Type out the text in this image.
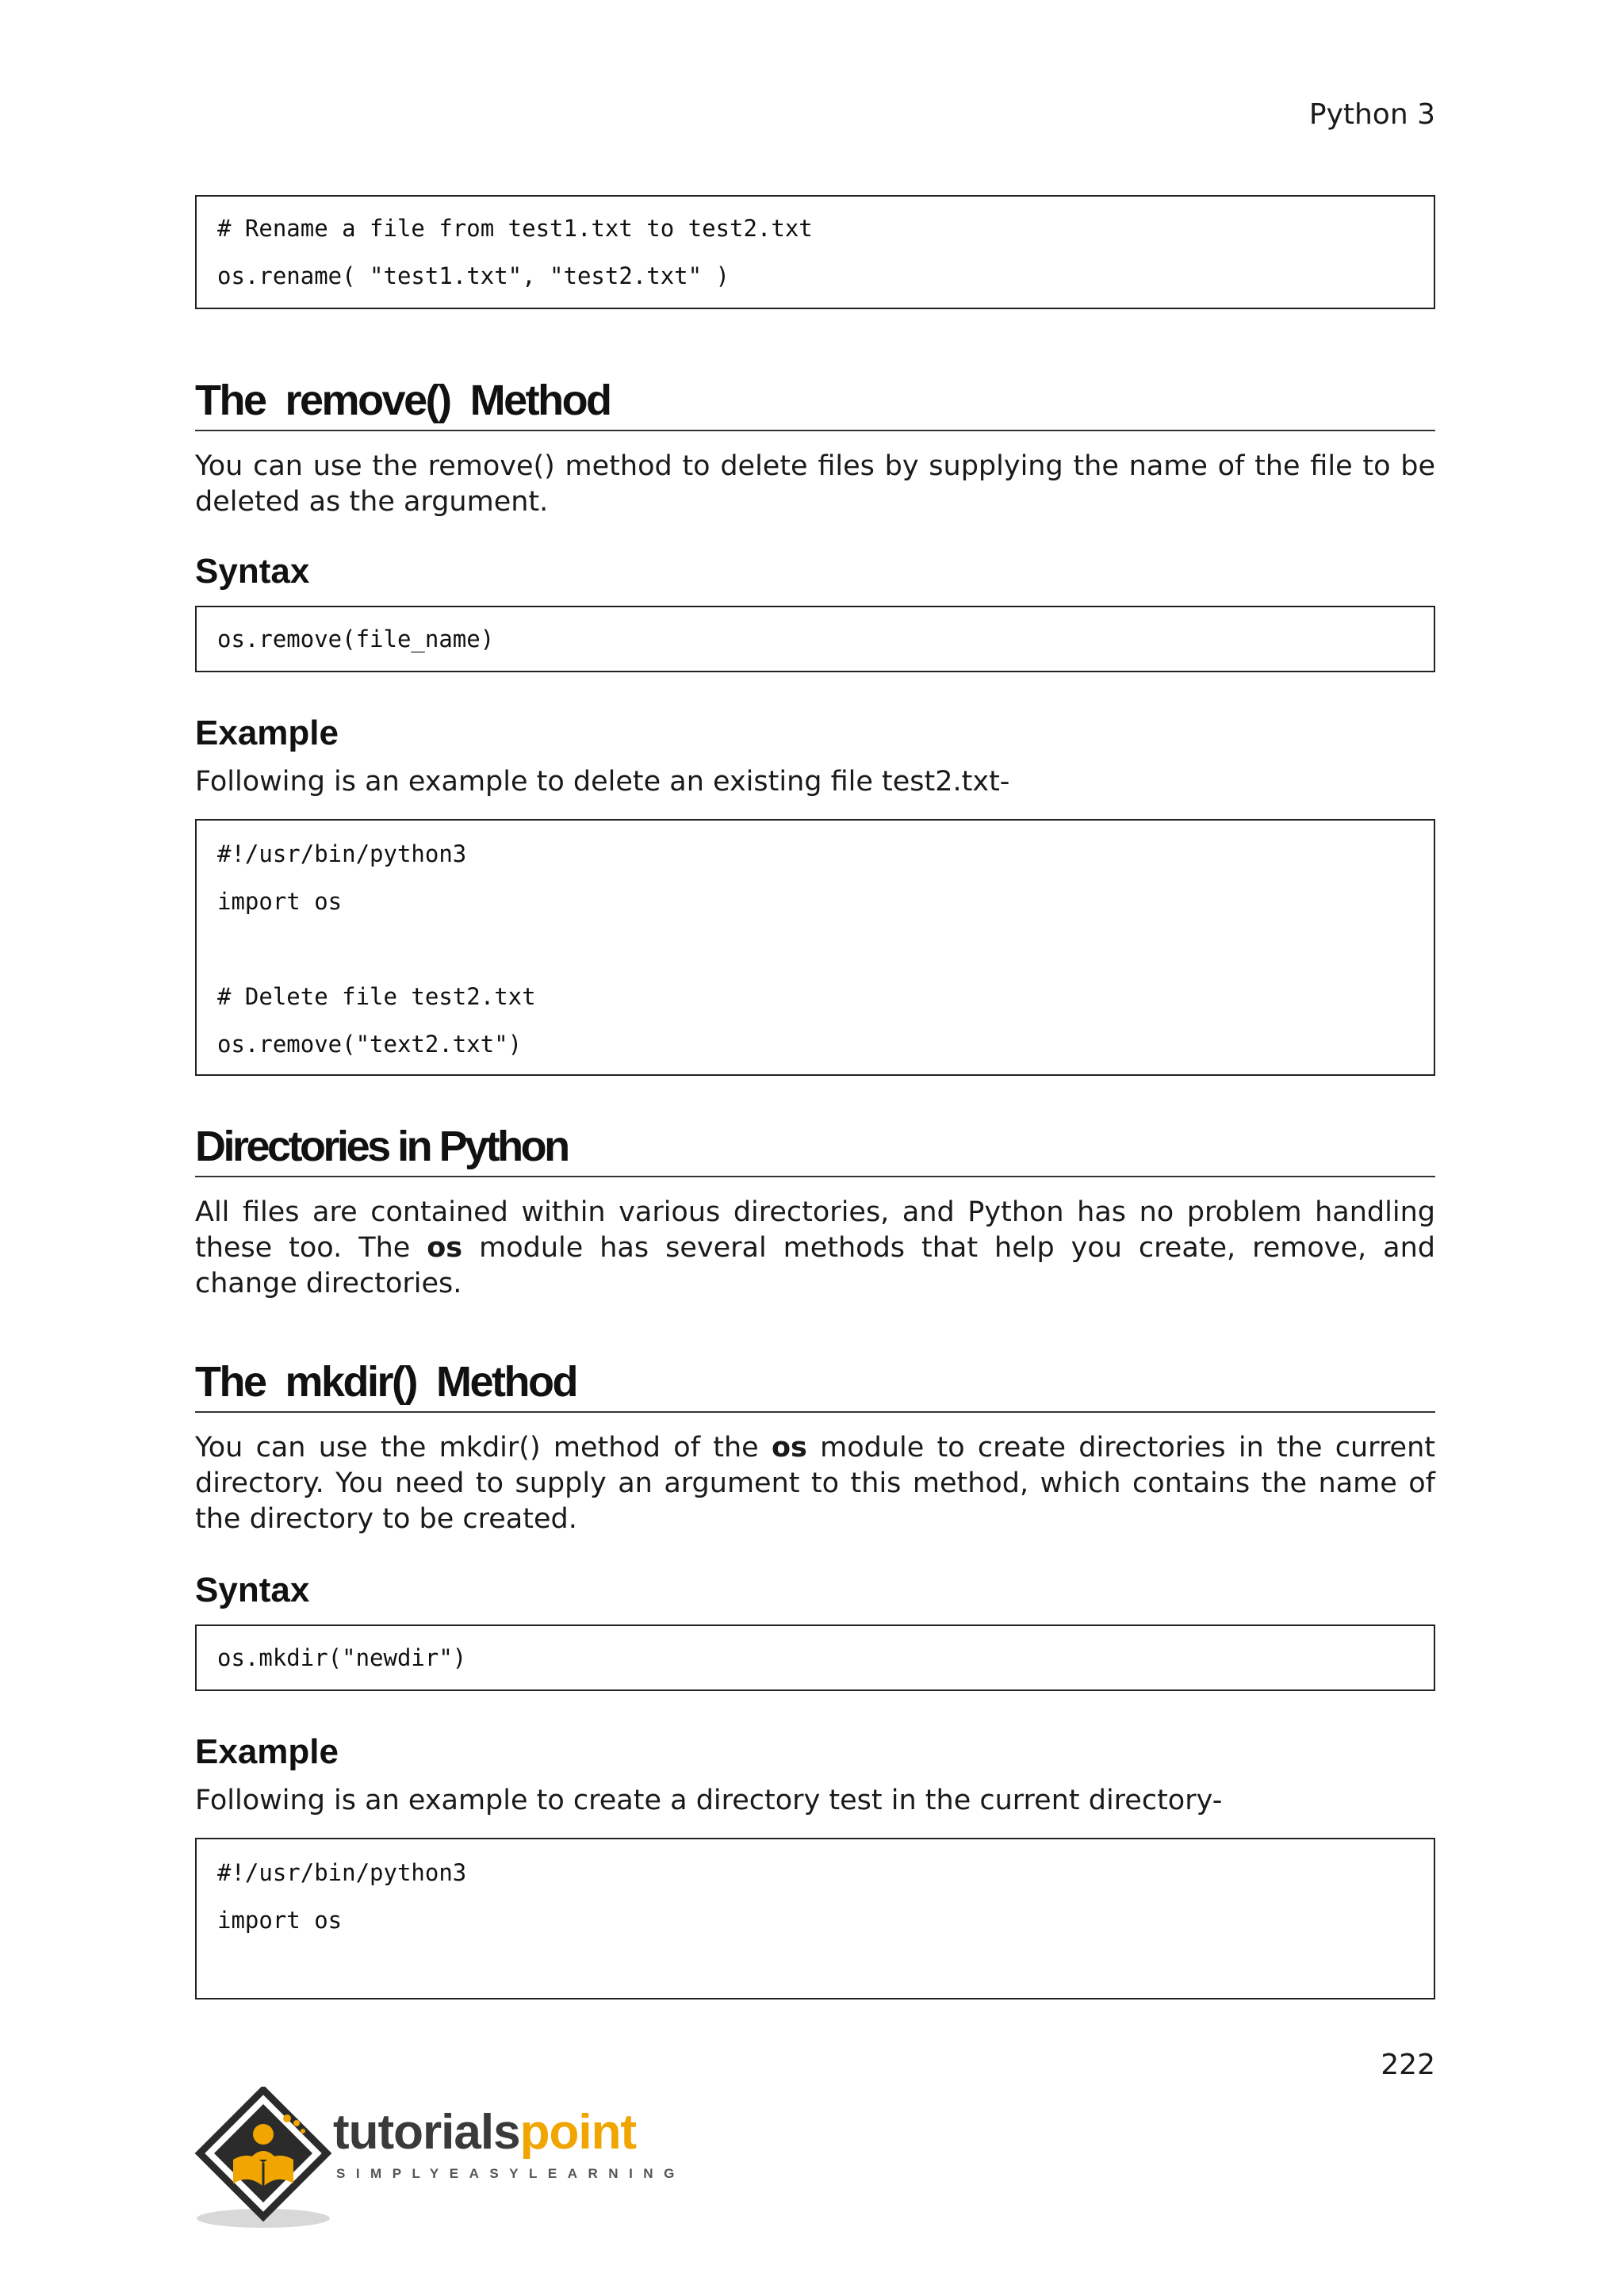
Python 3
# Rename a file from test1.txt to test2.txt
os.rename( "test1.txt", "test2.txt" )
The  remove()  Method

You can use the remove() method to delete files by supplying the name of the file to be deleted as the argument.

Syntax
os.remove(file_name)
Example

Following is an example to delete an existing file test2.txt-

#!/usr/bin/python3
import os
# Delete file test2.txt
os.remove("text2.txt")
Directories in Python

All files are contained within various directories, and Python has no problem handling these too. The os module has several methods that help you create, remove, and change directories.

The  mkdir()  Method

You can use the mkdir() method of the os module to create directories in the current directory. You need to supply an argument to this method, which contains the name of the directory to be created.

Syntax
os.mkdir("newdir")
Example

Following is an example to create a directory test in the current directory-

#!/usr/bin/python3
import os
222
tutorialspoint
SIMPLYEASYLEARNING
